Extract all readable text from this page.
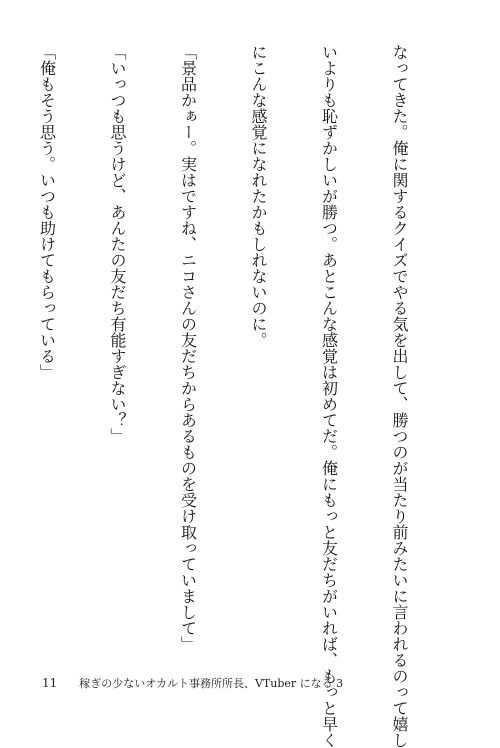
なってきた。俺に関するクイズでやる気を出して、勝つのが当たり前みたいに言われるのって嬉し

いよりも恥ずかしいが勝つ。あとこんな感覚は初めてだ。俺にもっと友だちがいれば、もっと早く

にこんな感覚になれたかもしれないのに。

「景品かぁー。実はですね、ニコさんの友だちからあるものを受け取っていまして」

「いっつも思うけど、あんたの友だち有能すぎない？」

「俺もそう思う。いつも助けてもらっている」

11 稼ぎの少ないオカルト事務所所長、VTuber になる 3
